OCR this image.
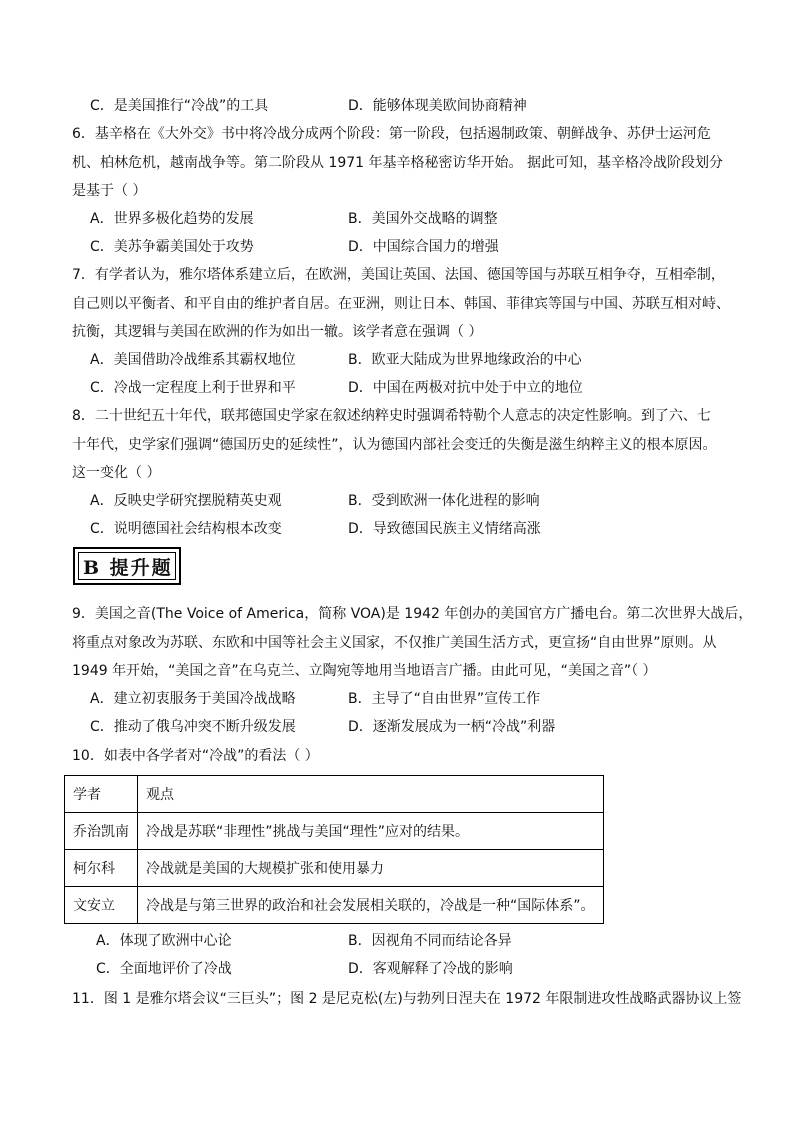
C．是美国推行“冷战”的工具	D．能够体现美欧间协商精神
6．基辛格在《大外交》书中将冷战分成两个阶段：第一阶段，包括遏制政策、朝鲜战争、苏伊士运河危
机、柏林危机，越南战争等。第二阶段从 1971 年基辛格秘密访华开始。 据此可知，基辛格冷战阶段划分
是基于（ ）
A．世界多极化趋势的发展	B．美国外交战略的调整
C．美苏争霸美国处于攻势	D．中国综合国力的增强
7．有学者认为，雅尔塔体系建立后，在欧洲，美国让英国、法国、德国等国与苏联互相争夺，互相牵制，
自己则以平衡者、和平自由的维护者自居。在亚洲，则让日本、韩国、菲律宾等国与中国、苏联互相对峙、
抗衡，其逻辑与美国在欧洲的作为如出一辙。该学者意在强调（ ）
A．美国借助冷战维系其霸权地位	B．欧亚大陆成为世界地缘政治的中心
C．冷战一定程度上利于世界和平	D．中国在两极对抗中处于中立的地位
8．二十世纪五十年代，联邦德国史学家在叙述纳粹史时强调希特勒个人意志的决定性影响。到了六、七
十年代，史学家们强调“德国历史的延续性”，认为德国内部社会变迁的失衡是滋生纳粹主义的根本原因。
这一变化（ ）
A．反映史学研究摆脱精英史观	B．受到欧洲一体化进程的影响
C．说明德国社会结构根本改变	D．导致德国民族主义情绪高涨
B 提升题
9．美国之音(The Voice of America，简称 VOA)是 1942 年创办的美国官方广播电台。第二次世界大战后，
将重点对象改为苏联、东欧和中国等社会主义国家，不仅推广美国生活方式，更宣扬“自由世界”原则。从
1949 年开始，“美国之音”在乌克兰、立陶宛等地用当地语言广播。由此可见，“美国之音”（ ）
A．建立初衷服务于美国冷战战略	B．主导了“自由世界”宣传工作
C．推动了俄乌冲突不断升级发展	D．逐渐发展成为一柄“冷战”利器
10．如表中各学者对“冷战”的看法（ ）
学者	观点
乔治凯南	冷战是苏联“非理性”挑战与美国“理性”应对的结果。
柯尔科	冷战就是美国的大规模扩张和使用暴力
文安立	冷战是与第三世界的政治和社会发展相关联的，冷战是一种“国际体系”。
A．体现了欧洲中心论	B．因视角不同而结论各异
C．全面地评价了冷战	D．客观解释了冷战的影响
11．图 1 是雅尔塔会议“三巨头”；图 2 是尼克松(左)与勃列日涅夫在 1972 年限制进攻性战略武器协议上签
